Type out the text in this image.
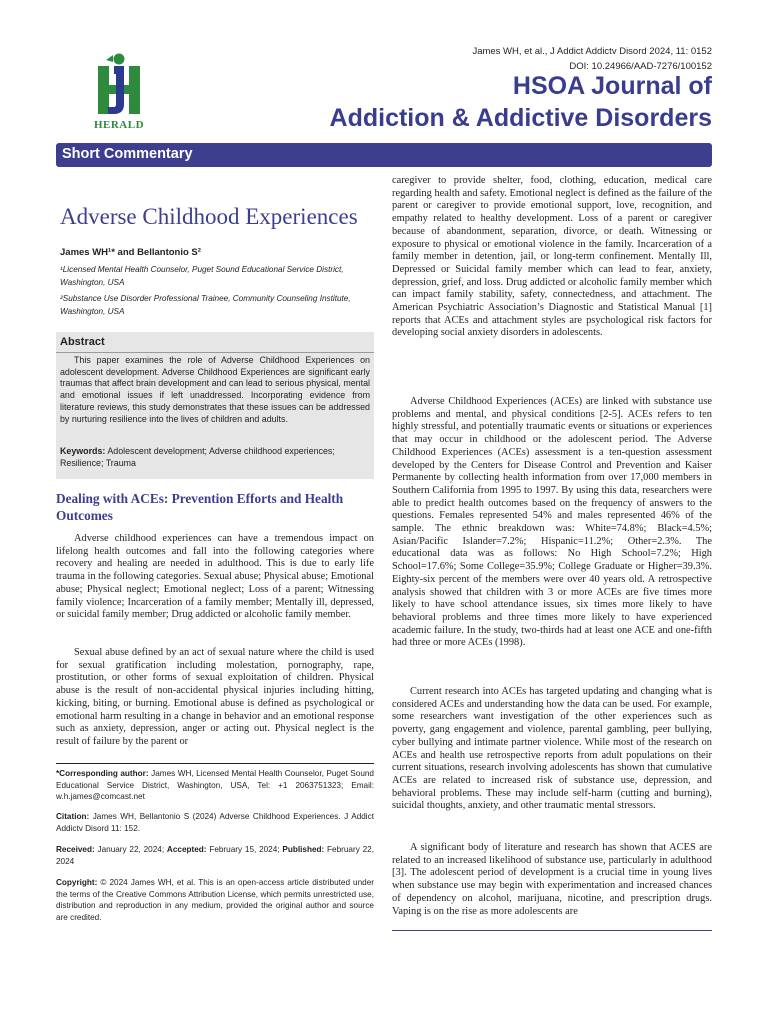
HERALD
James WH, et al., J Addict Addictv Disord 2024, 11: 0152
DOI: 10.24966/AAD-7276/100152
HSOA Journal of
Addiction & Addictive Disorders
Short Commentary
Adverse Childhood Experiences
James WH¹* and Bellantonio S²
¹Licensed Mental Health Counselor, Puget Sound Educational Service District, Washington, USA
²Substance Use Disorder Professional Trainee, Community Counseling Institute, Washington, USA
Abstract
This paper examines the role of Adverse Childhood Experiences on adolescent development. Adverse Childhood Experiences are significant early traumas that affect brain development and can lead to serious physical, mental and emotional issues if left unaddressed. Incorporating evidence from literature reviews, this study demonstrates that these issues can be addressed by nurturing resilience into the lives of children and adults.
Keywords: Adolescent development; Adverse childhood experiences; Resilience; Trauma
Dealing with ACEs: Prevention Efforts and Health Outcomes
Adverse childhood experiences can have a tremendous impact on lifelong health outcomes and fall into the following categories where recovery and healing are needed in adulthood. This is due to early life trauma in the following categories. Sexual abuse; Physical abuse; Emotional abuse; Physical neglect; Emotional neglect; Loss of a parent; Witnessing family violence; Incarceration of a family member; Mentally ill, depressed, or suicidal family member; Drug addicted or alcoholic family member.
Sexual abuse defined by an act of sexual nature where the child is used for sexual gratification including molestation, pornography, rape, prostitution, or other forms of sexual exploitation of children. Physical abuse is the result of non-accidental physical injuries including hitting, kicking, biting, or burning. Emotional abuse is defined as psychological or emotional harm resulting in a change in behavior and an emotional response such as anxiety, depression, anger or acting out. Physical neglect is the result of failure by the parent or
*Corresponding author: James WH, Licensed Mental Health Counselor, Puget Sound Educational Service District, Washington, USA, Tel: +1 2063751323; Email: w.h.james@comcast.net
Citation: James WH, Bellantonio S (2024) Adverse Childhood Experiences. J Addict Addictv Disord 11: 152.
Received: January 22, 2024; Accepted: February 15, 2024; Published: February 22, 2024
Copyright: © 2024 James WH, et al. This is an open-access article distributed under the terms of the Creative Commons Attribution License, which permits unrestricted use, distribution and reproduction in any medium, provided the original author and source are credited.
caregiver to provide shelter, food, clothing, education, medical care regarding health and safety. Emotional neglect is defined as the failure of the parent or caregiver to provide emotional support, love, recognition, and empathy related to healthy development. Loss of a parent or caregiver because of abandonment, separation, divorce, or death. Witnessing or exposure to physical or emotional violence in the family. Incarceration of a family member in detention, jail, or long-term confinement. Mentally Ill, Depressed or Suicidal family member which can lead to fear, anxiety, depression, grief, and loss. Drug addicted or alcoholic family member which can impact family stability, safety, connectedness, and attachment. The American Psychiatric Association’s Diagnostic and Statistical Manual [1] reports that ACEs and attachment styles are psychological risk factors for developing social anxiety disorders in adolescents.
Adverse Childhood Experiences (ACEs) are linked with substance use problems and mental, and physical conditions [2-5]. ACEs refers to ten highly stressful, and potentially traumatic events or situations or experiences that may occur in childhood or the adolescent period. The Adverse Childhood Experiences (ACEs) assessment is a ten-question assessment developed by the Centers for Disease Control and Prevention and Kaiser Permanente by collecting health information from over 17,000 members in Southern California from 1995 to 1997. By using this data, researchers were able to predict health outcomes based on the frequency of answers to the questions. Females represented 54% and males represented 46% of the sample. The ethnic breakdown was: White=74.8%; Black=4.5%; Asian/Pacific Islander=7.2%; Hispanic=11.2%; Other=2.3%. The educational data was as follows: No High School=7.2%; High School=17.6%; Some College=35.9%; College Graduate or Higher=39.3%. Eighty-six percent of the members were over 40 years old. A retrospective analysis showed that children with 3 or more ACEs are five times more likely to have school attendance issues, six times more likely to have behavioral problems and three times more likely to have experienced academic failure. In the study, two-thirds had at least one ACE and one-fifth had three or more ACEs (1998).
Current research into ACEs has targeted updating and changing what is considered ACEs and understanding how the data can be used. For example, some researchers want investigation of the other experiences such as poverty, gang engagement and violence, parental gambling, peer bullying, cyber bullying and intimate partner violence. While most of the research on ACEs and health use retrospective reports from adult populations on their current situations, research involving adolescents has shown that cumulative ACEs are related to increased risk of substance use, depression, and behavioral problems. These may include self-harm (cutting and burning), suicidal thoughts, anxiety, and other traumatic mental stressors.
A significant body of literature and research has shown that ACES are related to an increased likelihood of substance use, particularly in adulthood [3]. The adolescent period of development is a crucial time in young lives when substance use may begin with experimentation and increased chances of dependency on alcohol, marijuana, nicotine, and prescription drugs. Vaping is on the rise as more adolescents are
